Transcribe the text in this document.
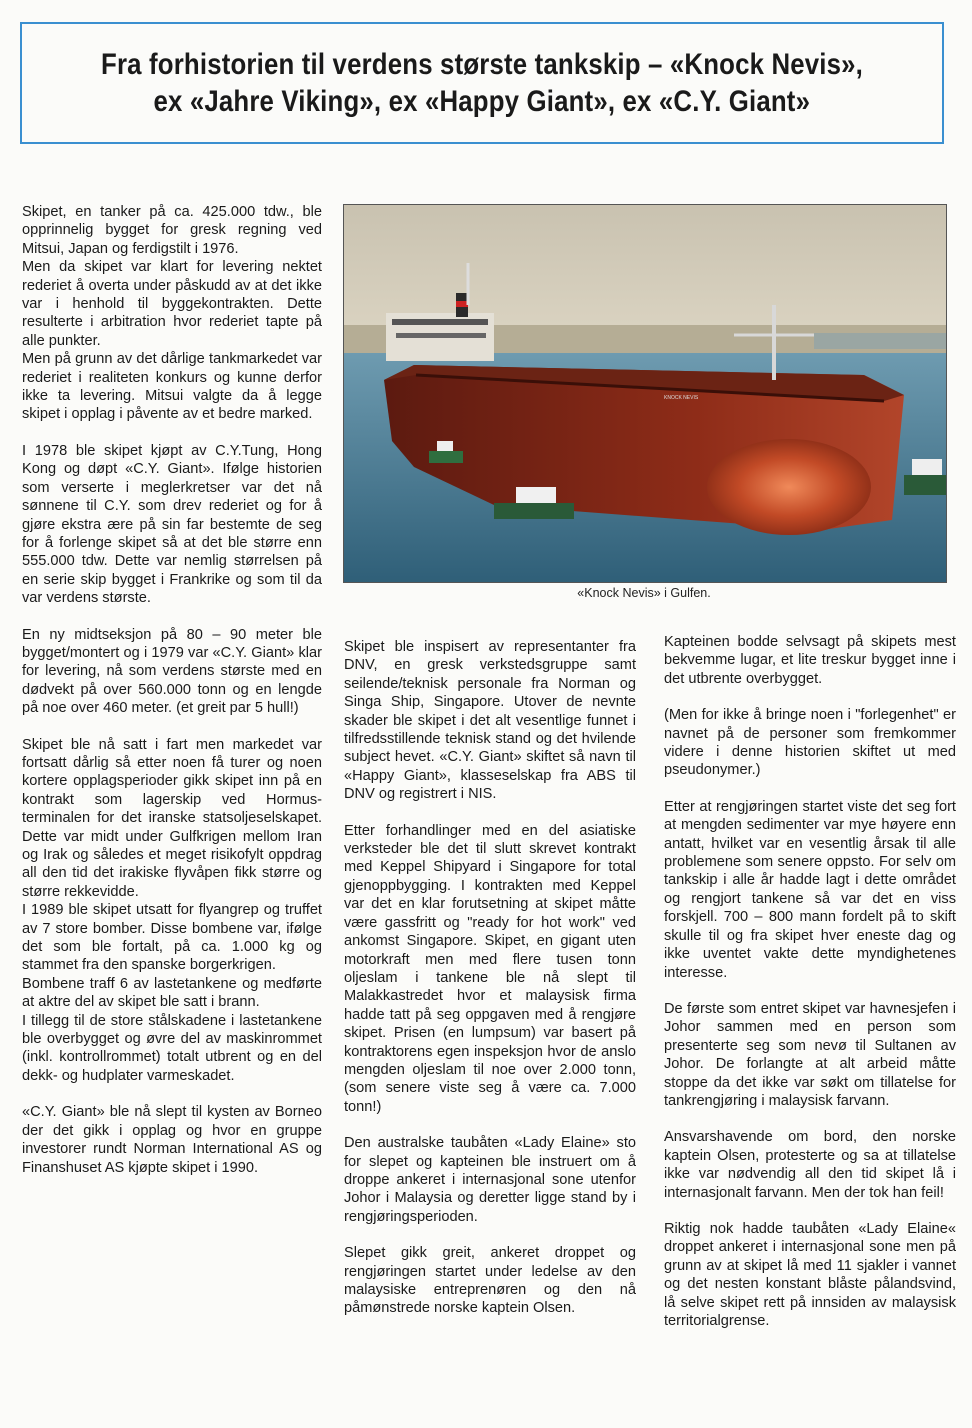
Fra forhistorien til verdens største tankskip – «Knock Nevis»,
ex «Jahre Viking», ex «Happy Giant», ex «C.Y. Giant»

Skipet, en tanker på ca. 425.000 tdw., ble opprinnelig bygget for gresk regning ved Mitsui, Japan og ferdigstilt i 1976.

Men da skipet var klart for levering nektet rederiet å overta under påskudd av at det ikke var i henhold til byggekontrakten. Dette resulterte i arbitration hvor rederiet tapte på alle punkter.

Men på grunn av det dårlige tankmarkedet var rederiet i realiteten konkurs og kunne derfor ikke ta levering. Mitsui valgte da å legge skipet i opplag i påvente av et bedre marked.

I 1978 ble skipet kjøpt av C.Y.Tung, Hong Kong og døpt «C.Y. Giant». Ifølge historien som verserte i meglerkretser var det nå sønnene til C.Y. som drev rederiet og for å gjøre ekstra ære på sin far bestemte de seg for å forlenge skipet så at det ble større enn 555.000 tdw. Dette var nemlig størrelsen på en serie skip bygget i Frankrike og som til da var verdens største.

En ny midtseksjon på 80 – 90 meter ble bygget/montert og i 1979 var «C.Y. Giant» klar for levering, nå som verdens største med en dødvekt på over 560.000 tonn og en lengde på noe over 460 meter. (et greit par 5 hull!)

Skipet ble nå satt i fart men markedet var fortsatt dårlig så etter noen få turer og noen kortere opplagsperioder gikk skipet inn på en kontrakt som lagerskip ved Hormus-terminalen for det iranske statsoljeselskapet. Dette var midt under Gulfkrigen mellom Iran og Irak og således et meget risikofylt oppdrag all den tid det irakiske flyvåpen fikk større og større rekkevidde.

I 1989 ble skipet utsatt for flyangrep og truffet av 7 store bomber. Disse bombene var, ifølge det som ble fortalt, på ca. 1.000 kg og stammet fra den spanske borgerkrigen.

Bombene traff 6 av lastetankene og medførte at aktre del av skipet ble satt i brann.

I tillegg til de store stålskadene i lastetankene ble overbygget og øvre del av maskinrommet (inkl. kontrollrommet) totalt utbrent og en del dekk- og hudplater varmeskadet.

«C.Y. Giant» ble nå slept til kysten av Borneo der det gikk i opplag og hvor en gruppe investorer rundt Norman International AS og Finanshuset AS kjøpte skipet i 1990.

KNOCK NEVIS
«Knock Nevis» i Gulfen.

Skipet ble inspisert av representanter fra DNV, en gresk verkstedsgruppe samt seilende/teknisk personale fra Norman og Singa Ship, Singapore. Utover de nevnte skader ble skipet i det alt vesentlige funnet i tilfredsstillende teknisk stand og det hvilende subject hevet. «C.Y. Giant» skiftet så navn til «Happy Giant», klasseselskap fra ABS til DNV og registrert i NIS.

Etter forhandlinger med en del asiatiske verksteder ble det til slutt skrevet kontrakt med Keppel Shipyard i Singapore for total gjenoppbygging. I kontrakten med Keppel var det en klar forutsetning at skipet måtte være gassfritt og "ready for hot work" ved ankomst Singapore. Skipet, en gigant uten motorkraft men med flere tusen tonn oljeslam i tankene ble nå slept til Malakkastredet hvor et malaysisk firma hadde tatt på seg oppgaven med å rengjøre skipet. Prisen (en lumpsum) var basert på kontraktorens egen inspeksjon hvor de anslo mengden oljeslam til noe over 2.000 tonn, (som senere viste seg å være ca. 7.000 tonn!)

Den australske taubåten «Lady Elaine» sto for slepet og kapteinen ble instruert om å droppe ankeret i internasjonal sone utenfor Johor i Malaysia og deretter ligge stand by i rengjøringsperioden.

Slepet gikk greit, ankeret droppet og rengjøringen startet under ledelse av den malaysiske entreprenøren og den nå påmønstrede norske kaptein Olsen.

Kapteinen bodde selvsagt på skipets mest bekvemme lugar, et lite treskur bygget inne i det utbrente overbygget.

(Men for ikke å bringe noen i "forlegenhet" er navnet på de personer som fremkommer videre i denne historien skiftet ut med pseudonymer.)

Etter at rengjøringen startet viste det seg fort at mengden sedimenter var mye høyere enn antatt, hvilket var en vesentlig årsak til alle problemene som senere oppsto. For selv om tankskip i alle år hadde lagt i dette området og rengjort tankene så var det en viss forskjell. 700 – 800 mann fordelt på to skift skulle til og fra skipet hver eneste dag og ikke uventet vakte dette myndighetenes interesse.

De første som entret skipet var havnesjefen i Johor sammen med en person som presenterte seg som nevø til Sultanen av Johor. De forlangte at alt arbeid måtte stoppe da det ikke var søkt om tillatelse for tankrengjøring i malaysisk farvann.

Ansvarshavende om bord, den norske kaptein Olsen, protesterte og sa at tillatelse ikke var nødvendig all den tid skipet lå i internasjonalt farvann. Men der tok han feil!

Riktig nok hadde taubåten «Lady Elaine« droppet ankeret i internasjonal sone men på grunn av at skipet lå med 11 sjakler i vannet og det nesten konstant blåste pålandsvind, lå selve skipet rett på innsiden av malaysisk territorialgrense.
